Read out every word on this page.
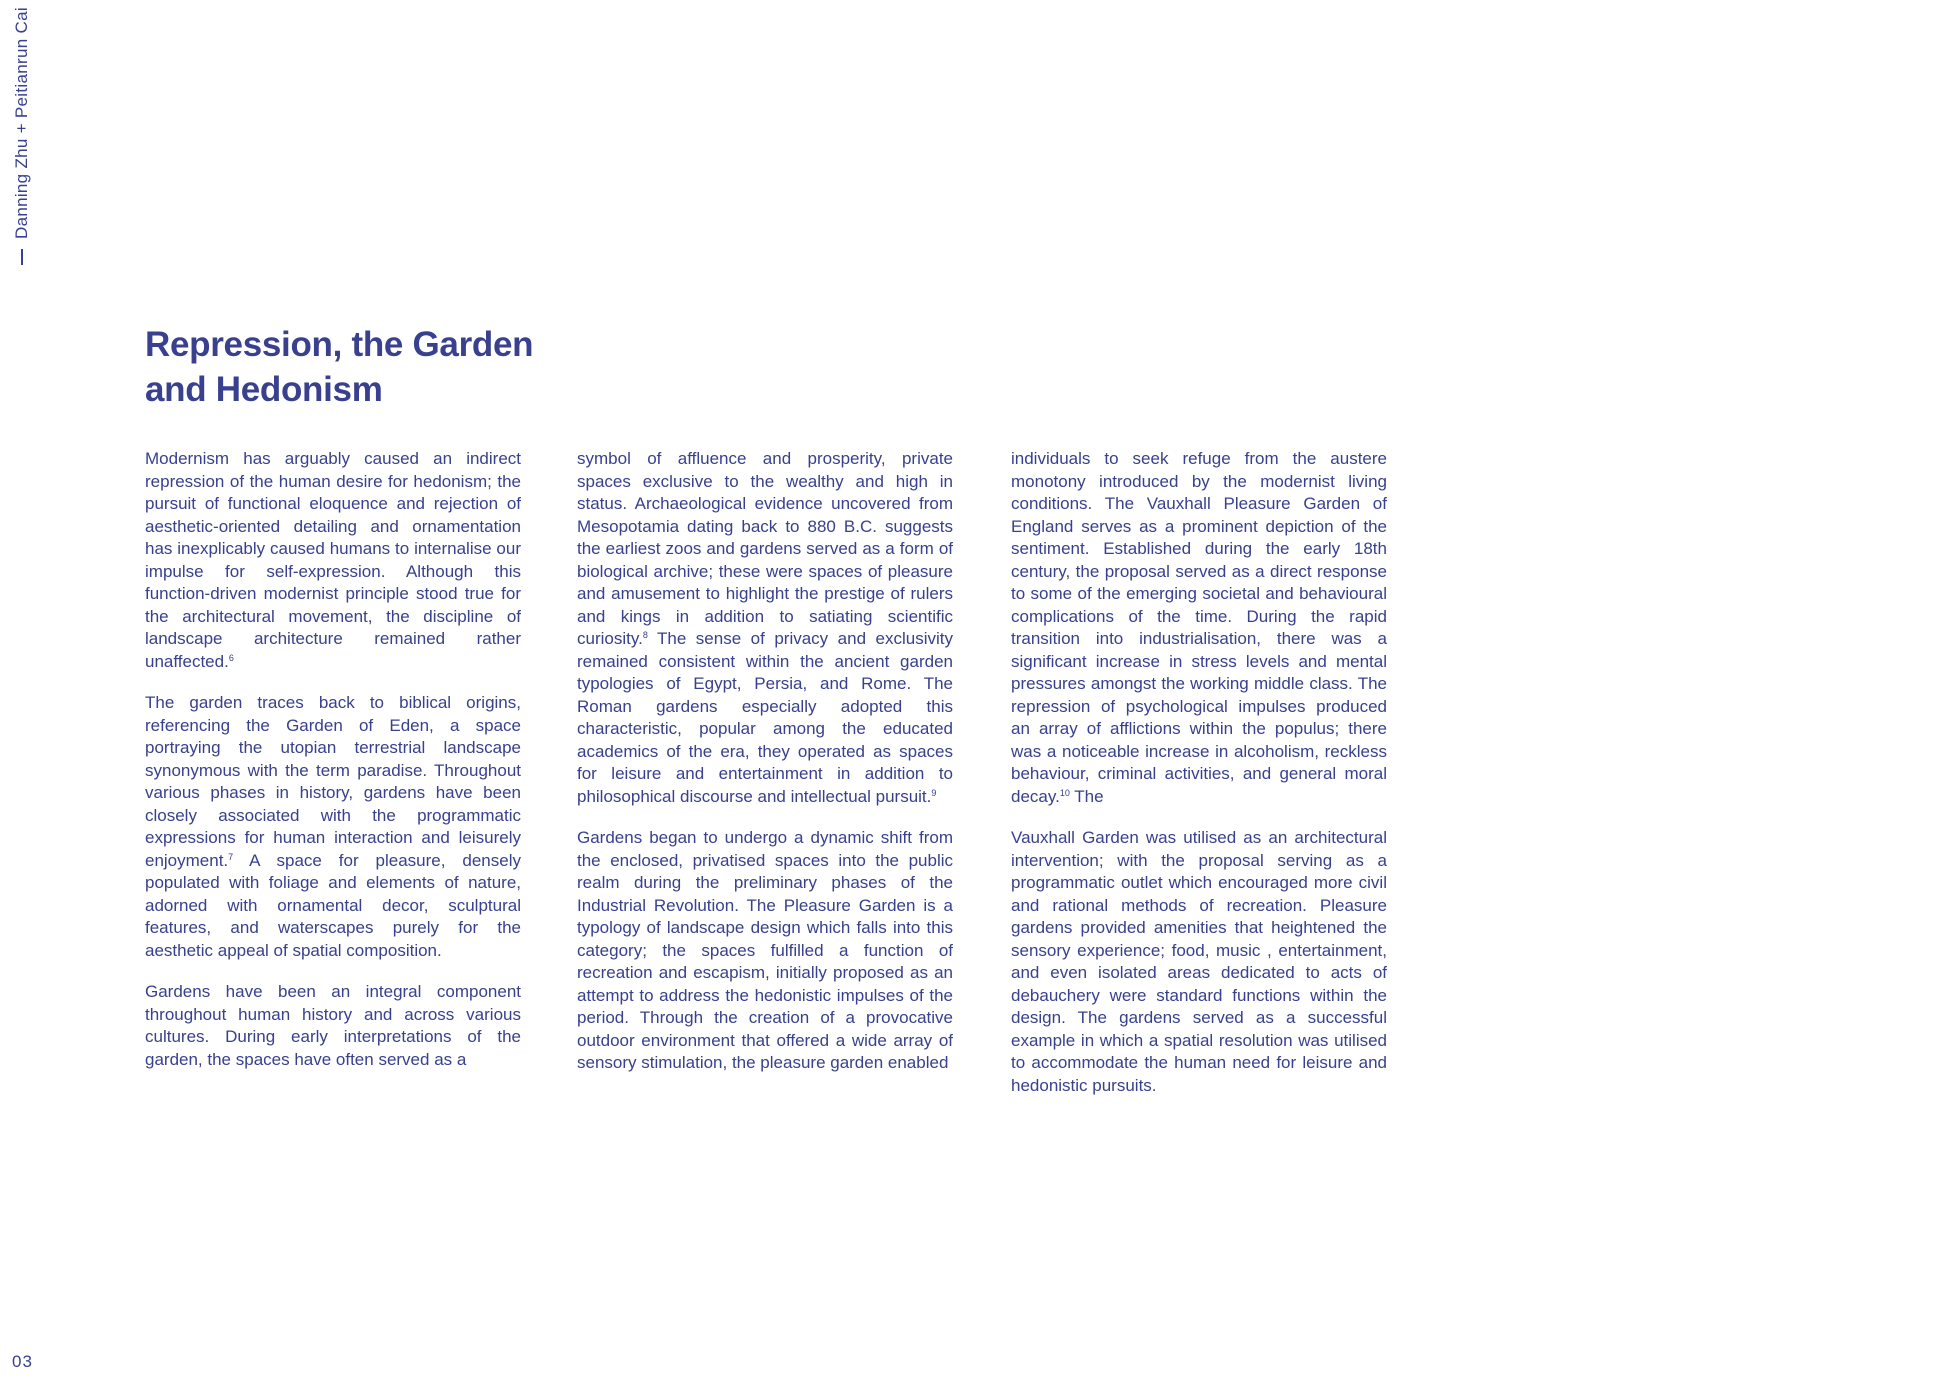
Danning Zhu + Peitianrun Cai
Repression, the Garden
and Hedonism

Modernism has arguably caused an indirect repression of the human desire for hedonism; the pursuit of functional eloquence and rejection of aesthetic-oriented detailing and ornamentation has inexplicably caused humans to internalise our impulse for self-expression. Although this function-driven modernist principle stood true for the architectural movement, the discipline of landscape architecture remained rather unaffected.$^6$

The garden traces back to biblical origins, referencing the Garden of Eden, a space portraying the utopian terrestrial landscape synonymous with the term paradise. Throughout various phases in history, gardens have been closely associated with the programmatic expressions for human interaction and leisurely enjoyment.$^7$ A space for pleasure, densely populated with foliage and elements of nature, adorned with ornamental decor, sculptural features, and waterscapes purely for the aesthetic appeal of spatial composition.

Gardens have been an integral component throughout human history and across various cultures. During early interpretations of the garden, the spaces have often served as a

symbol of affluence and prosperity, private spaces exclusive to the wealthy and high in status. Archaeological evidence uncovered from Mesopotamia dating back to 880 B.C. suggests the earliest zoos and gardens served as a form of biological archive; these were spaces of pleasure and amusement to highlight the prestige of rulers and kings in addition to satiating scientific curiosity.$^8$ The sense of privacy and exclusivity remained consistent within the ancient garden typologies of Egypt, Persia, and Rome. The Roman gardens especially adopted this characteristic, popular among the educated academics of the era, they operated as spaces for leisure and entertainment in addition to philosophical discourse and intellectual pursuit.$^9$

Gardens began to undergo a dynamic shift from the enclosed, privatised spaces into the public realm during the preliminary phases of the Industrial Revolution. The Pleasure Garden is a typology of landscape design which falls into this category; the spaces fulfilled a function of recreation and escapism, initially proposed as an attempt to address the hedonistic impulses of the period. Through the creation of a provocative outdoor environment that offered a wide array of sensory stimulation, the pleasure garden enabled

individuals to seek refuge from the austere monotony introduced by the modernist living conditions. The Vauxhall Pleasure Garden of England serves as a prominent depiction of the sentiment. Established during the early 18th century, the proposal served as a direct response to some of the emerging societal and behavioural complications of the time. During the rapid transition into industrialisation, there was a significant increase in stress levels and mental pressures amongst the working middle class. The repression of psychological impulses produced an array of afflictions within the populus; there was a noticeable increase in alcoholism, reckless behaviour, criminal activities, and general moral decay.$^{10}$ The

Vauxhall Garden was utilised as an architectural intervention; with the proposal serving as a programmatic outlet which encouraged more civil and rational methods of recreation. Pleasure gardens provided amenities that heightened the sensory experience; food, music , entertainment, and even isolated areas dedicated to acts of debauchery were standard functions within the design. The gardens served as a successful example in which a spatial resolution was utilised to accommodate the human need for leisure and hedonistic pursuits.

03
